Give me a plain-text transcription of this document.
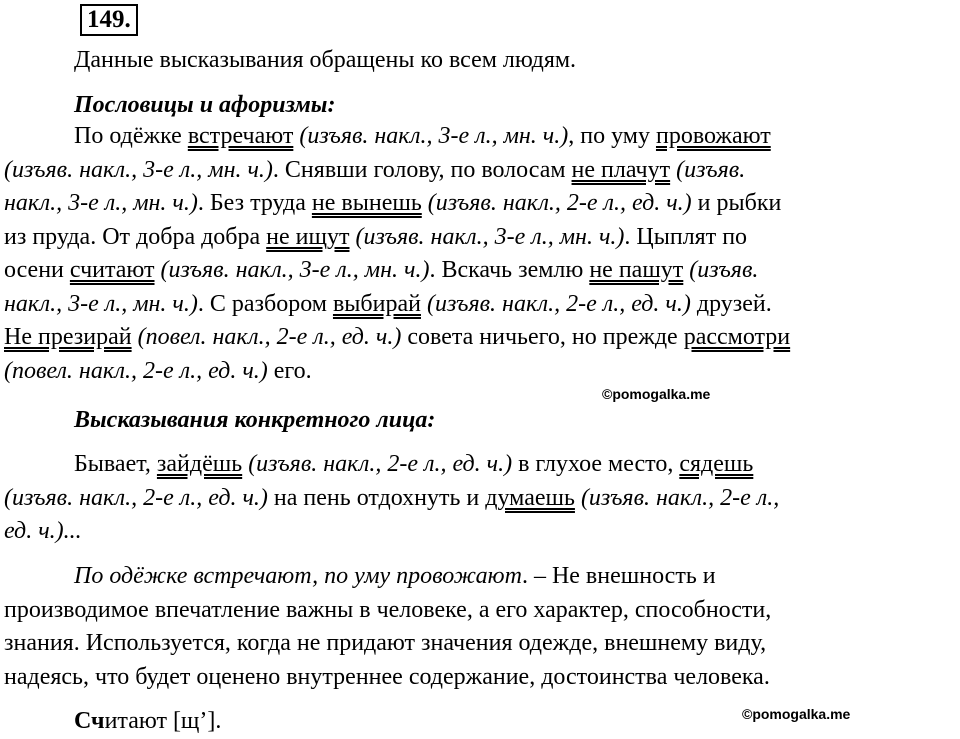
149.
Данные высказывания обращены ко всем людям.
Пословицы и афоризмы:
По одёжке встречают (изъяв. накл., 3-е л., мн. ч.), по уму провожают
(изъяв. накл., 3-е л., мн. ч.). Снявши голову, по волосам не плачут (изъяв.
накл., 3-е л., мн. ч.). Без труда не вынешь (изъяв. накл., 2-е л., ед. ч.) и рыбки
из пруда. От добра добра не ищут (изъяв. накл., 3-е л., мн. ч.). Цыплят по
осени считают (изъяв. накл., 3-е л., мн. ч.). Вскачь землю не пашут (изъяв.
накл., 3-е л., мн. ч.). С разбором выбирай (изъяв. накл., 2-е л., ед. ч.) друзей.
Не презирай (повел. накл., 2-е л., ед. ч.) совета ничьего, но прежде рассмотри
(повел. накл., 2-е л., ед. ч.) его.
©pomogalka.me
Высказывания конкретного лица:
Бывает, зайдёшь (изъяв. накл., 2-е л., ед. ч.) в глухое место, сядешь
(изъяв. накл., 2-е л., ед. ч.) на пень отдохнуть и думаешь (изъяв. накл., 2-е л.,
ед. ч.)...
По одёжке встречают, по уму провожают. – Не внешность и
производимое впечатление важны в человеке, а его характер, способности,
знания. Используется, когда не придают значения одежде, внешнему виду,
надеясь, что будет оценено внутреннее содержание, достоинства человека.
Считают [щ’].	©pomogalka.me
